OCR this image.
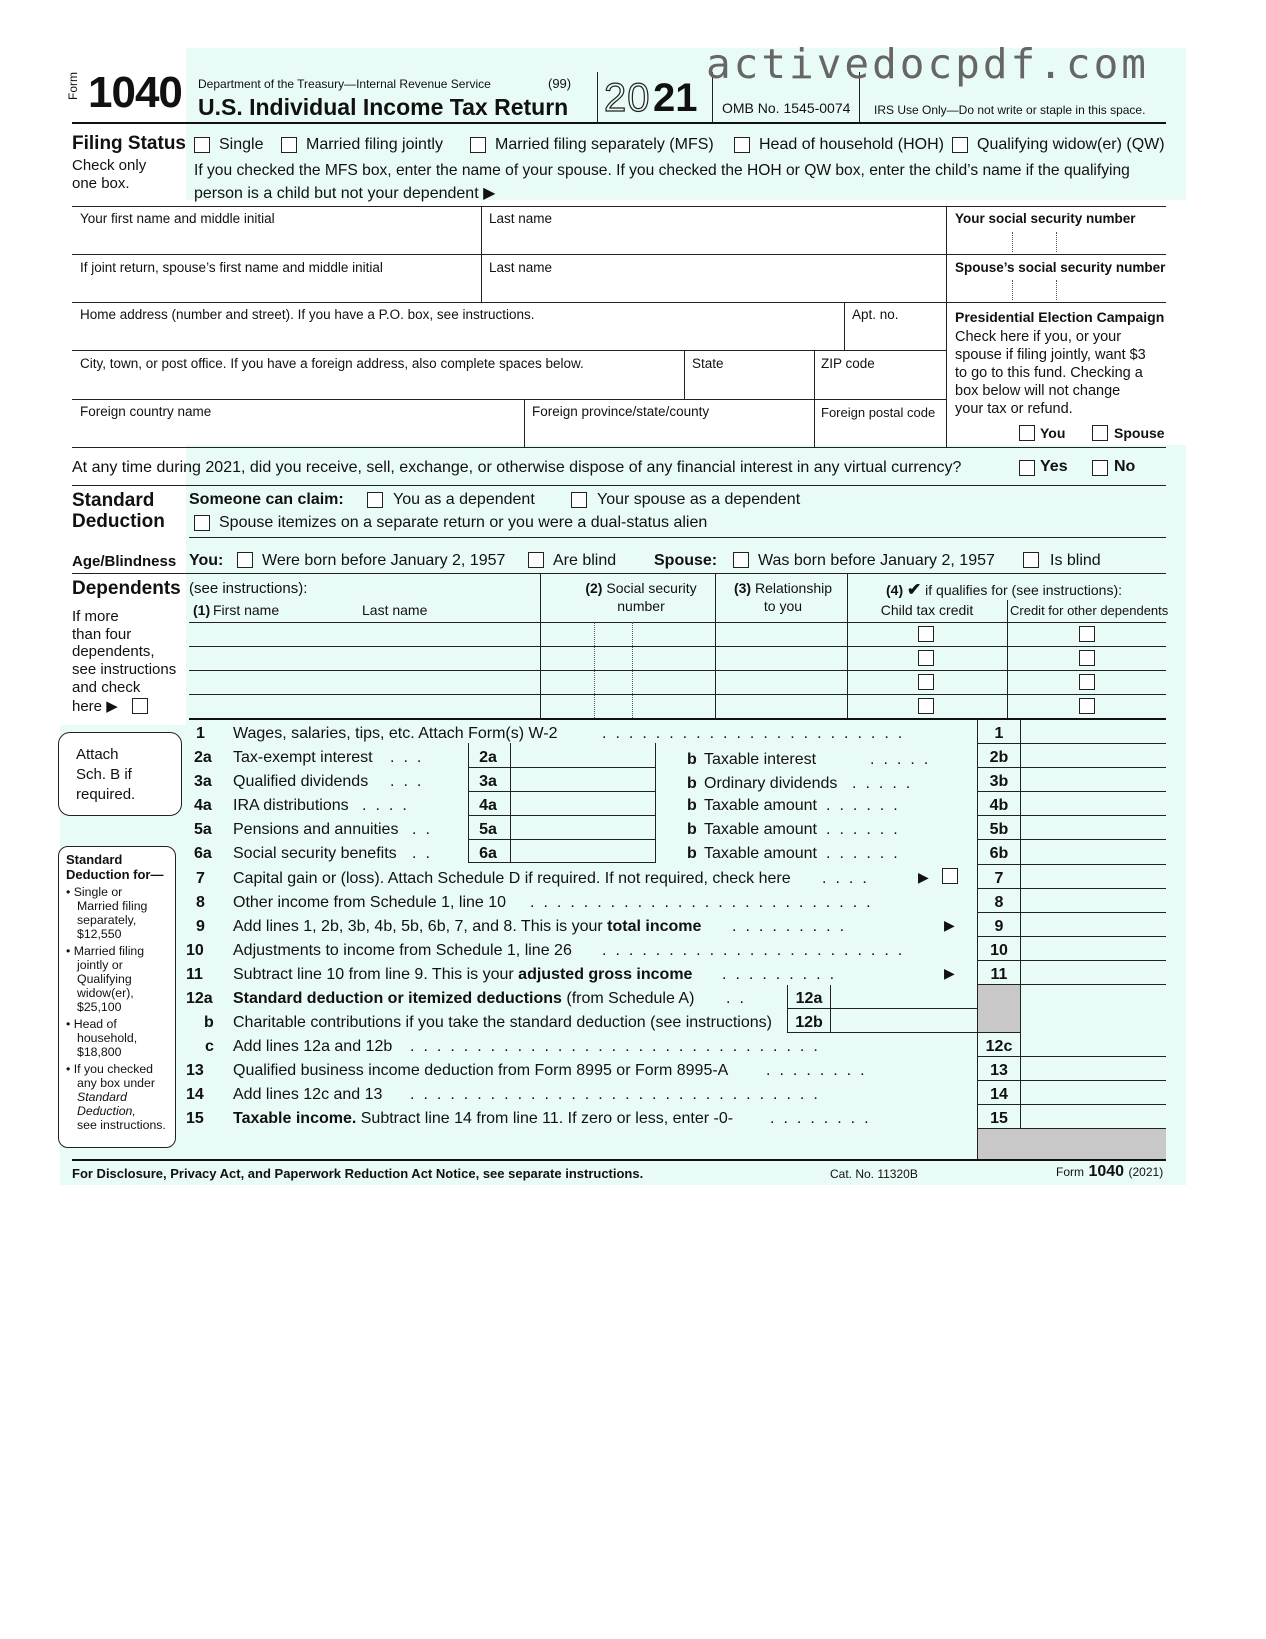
Form 1040 Department of the Treasury—Internal Revenue Service	(99)
U.S. Individual Income Tax Return 20 21 OMB No. 1545-0074 IRS Use Only—Do not write or staple in this space.
activedocpdf.com
Filing Status
Check only
one box.
Single	Married filing jointly	Married filing separately (MFS)	Head of household (HOH) Qualifying widow(er) (QW)
If you checked the MFS box, enter the name of your spouse. If you checked the HOH or QW box, enter the child’s name if the qualifying
person is a child but not your dependent ▶
Your first name and middle initial	Last name	Your social security number
If joint return, spouse’s first name and middle initial	Last name	Spouse’s social security number
Home address (number and street). If you have a P.O. box, see instructions.	Apt. no.
City, town, or post office. If you have a foreign address, also complete spaces below.	State	ZIP code
Foreign country name	Foreign province/state/county	Foreign postal code
Presidential Election Campaign
Check here if you, or your
spouse if filing jointly, want $3
to go to this fund. Checking a
box below will not change
your tax or refund.
You	Spouse
At any time during 2021, did you receive, sell, exchange, or otherwise dispose of any financial interest in any virtual currency?	Yes	No
Standard
Deduction
Someone can claim:	You as a dependent	Your spouse as a dependent
Spouse itemizes on a separate return or you were a dual-status alien
Age/Blindness You: Were born before January 2, 1957	Are blind Spouse:	Was born before January 2, 1957	Is blind
Dependents (see instructions):
(1) First name	Last name
(2) Social security
number
(3) Relationship
to you
(4) ✔ if qualifies for (see instructions):
Child tax credit	Credit for other dependents
If more
than four
dependents,
see instructions
and check
here ▶
Attach
Sch. B if
required.
Standard
Deduction for—
• Single or
Married filing
separately,
$12,550
• Married filing
jointly or
Qualifying
widow(er),
$25,100
• Head of
household,
$18,800
• If you checked
any box under
Standard
Deduction,
see instructions.
1 Wages, salaries, tips, etc. Attach Form(s) W-2	.......................	1
2a Tax-exempt interest ...	2a	b Taxable interest	.....	2b
3a Qualified dividends ...	3a	b Ordinary dividends .....	3b
4a IRA distributions ....	4a	b Taxable amount ......	4b
5a Pensions and annuities ..	5a	b Taxable amount ......	5b
6a Social security benefits ..	6a	b Taxable amount ......	6b
7 Capital gain or (loss). Attach Schedule D if required. If not required, check here ....	▶	7
8 Other income from Schedule 1, line 10 ..........................	8
9 Add lines 1, 2b, 3b, 4b, 5b, 6b, 7, and 8. This is your total income .........	▶	9
10 Adjustments to income from Schedule 1, line 26 .......................	10
11 Subtract line 10 from line 9. This is your adjusted gross income .........	▶	11
12a Standard deduction or itemized deductions (from Schedule A) ..	12a
b Charitable contributions if you take the standard deduction (see instructions)	12b
c Add lines 12a and 12b ...............................	12c
13 Qualified business income deduction from Form 8995 or Form 8995-A ........	13
14 Add lines 12c and 13 ...............................	14
15 Taxable income. Subtract line 14 from line 11. If zero or less, enter -0- ........	15
For Disclosure, Privacy Act, and Paperwork Reduction Act Notice, see separate instructions.	Cat. No. 11320B	Form 1040 (2021)
